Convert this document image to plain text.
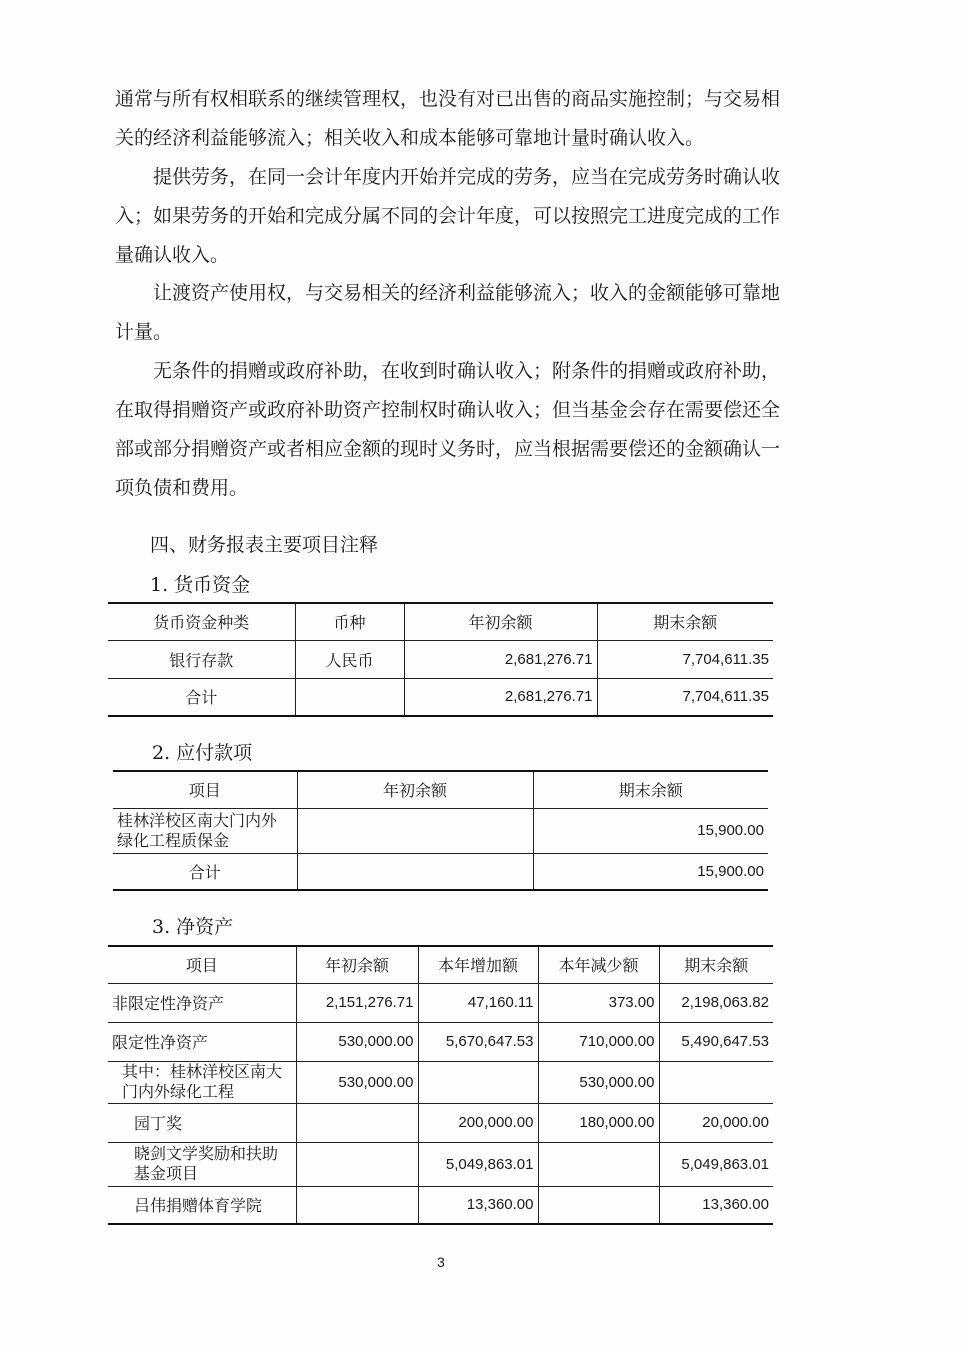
通常与所有权相联系的继续管理权，也没有对已出售的商品实施控制；与交易相
关的经济利益能够流入；相关收入和成本能够可靠地计量时确认收入。
提供劳务，在同一会计年度内开始并完成的劳务，应当在完成劳务时确认收
入；如果劳务的开始和完成分属不同的会计年度，可以按照完工进度完成的工作
量确认收入。
让渡资产使用权，与交易相关的经济利益能够流入；收入的金额能够可靠地
计量。
无条件的捐赠或政府补助，在收到时确认收入；附条件的捐赠或政府补助，
在取得捐赠资产或政府补助资产控制权时确认收入；但当基金会存在需要偿还全
部或部分捐赠资产或者相应金额的现时义务时，应当根据需要偿还的金额确认一
项负债和费用。
四、财务报表主要项目注释
1. 货币资金
货币资金种类	币种	年初余额	期末余额
银行存款	人民币	2,681,276.71	7,704,611.35
合计		2,681,276.71	7,704,611.35
2. 应付款项
项目	年初余额	期末余额
桂林洋校区南大门内外绿化工程质保金		15,900.00
合计		15,900.00
3. 净资产
项目	年初余额	本年增加额	本年减少额	期末余额
非限定性净资产	2,151,276.71	47,160.11	373.00	2,198,063.82
限定性净资产	530,000.00	5,670,647.53	710,000.00	5,490,647.53
其中：桂林洋校区南大门内外绿化工程	530,000.00		530,000.00	
园丁奖		200,000.00	180,000.00	20,000.00
晓剑文学奖励和扶助基金项目		5,049,863.01		5,049,863.01
吕伟捐赠体育学院		13,360.00		13,360.00
3
